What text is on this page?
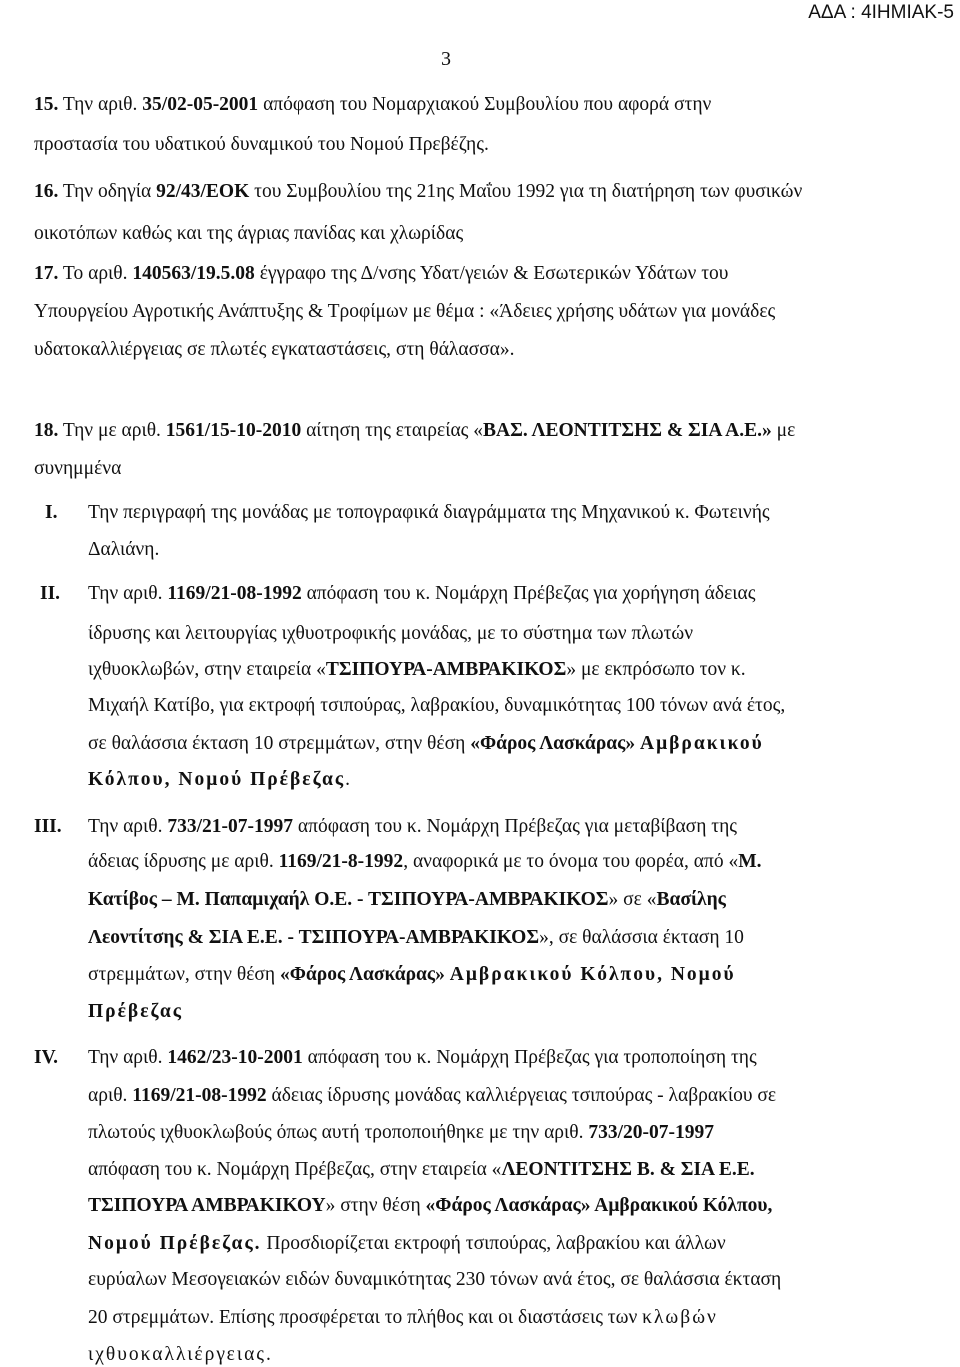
ΑΔΑ : 4ΙΗΜΙΑΚ-5
3
15. Την αριθ. 35/02-05-2001 απόφαση του Νομαρχιακού Συμβουλίου που αφορά στην
προστασία του υδατικού δυναμικού του Νομού Πρεβέζης.
16. Την οδηγία 92/43/ΕΟΚ του Συμβουλίου της 21ης Μαΐου 1992 για τη διατήρηση των φυσικών
οικοτόπων καθώς και της άγριας πανίδας και χλωρίδας
17. Το αριθ. 140563/19.5.08 έγγραφο της Δ/νσης Υδατ/γειών & Εσωτερικών Υδάτων του
Υπουργείου Αγροτικής Ανάπτυξης & Τροφίμων με θέμα : «Άδειες χρήσης υδάτων για μονάδες
υδατοκαλλιέργειας σε πλωτές εγκαταστάσεις, στη θάλασσα».
18. Την με αριθ. 1561/15-10-2010 αίτηση της εταιρείας «ΒΑΣ. ΛΕΟΝΤΙΤΣΗΣ & ΣΙΑ Α.Ε.» με
συνημμένα
I. Την περιγραφή της μονάδας με τοπογραφικά διαγράμματα της Μηχανικού κ. Φωτεινής
Δαλιάνη.
II. Την αριθ. 1169/21-08-1992 απόφαση του κ. Νομάρχη Πρέβεζας για χορήγηση άδειας
ίδρυσης και λειτουργίας ιχθυοτροφικής μονάδας, με το σύστημα των πλωτών
ιχθυοκλωβών, στην εταιρεία «ΤΣΙΠΟΥΡΑ-ΑΜΒΡΑΚΙΚΟΣ» με εκπρόσωπο τον κ.
Μιχαήλ Κατίβο, για εκτροφή τσιπούρας, λαβρακίου, δυναμικότητας 100 τόνων ανά έτος,
σε θαλάσσια έκταση 10 στρεμμάτων, στην θέση «Φάρος Λασκάρας» Αμβρακικού
Κόλπου, Νομού Πρέβεζας.
III. Την αριθ. 733/21-07-1997 απόφαση του κ. Νομάρχη Πρέβεζας για μεταβίβαση της
άδειας ίδρυσης με αριθ. 1169/21-8-1992, αναφορικά με το όνομα του φορέα, από «Μ.
Κατίβος – Μ. Παπαμιχαήλ Ο.Ε. - ΤΣΙΠΟΥΡΑ-ΑΜΒΡΑΚΙΚΟΣ» σε «Βασίλης
Λεοντίτσης & ΣΙΑ Ε.Ε. - ΤΣΙΠΟΥΡΑ-ΑΜΒΡΑΚΙΚΟΣ», σε θαλάσσια έκταση 10
στρεμμάτων, στην θέση «Φάρος Λασκάρας» Αμβρακικού Κόλπου, Νομού
Πρέβεζας
IV. Την αριθ. 1462/23-10-2001 απόφαση του κ. Νομάρχη Πρέβεζας για τροποποίηση της
αριθ. 1169/21-08-1992 άδειας ίδρυσης μονάδας καλλιέργειας τσιπούρας - λαβρακίου σε
πλωτούς ιχθυοκλωβούς όπως αυτή τροποποιήθηκε με την αριθ. 733/20-07-1997
απόφαση του κ. Νομάρχη Πρέβεζας, στην εταιρεία «ΛΕΟΝΤΙΤΣΗΣ Β. & ΣΙΑ Ε.Ε.
ΤΣΙΠΟΥΡΑ ΑΜΒΡΑΚΙΚΟΥ» στην θέση «Φάρος Λασκάρας» Αμβρακικού Κόλπου,
Νομού Πρέβεζας. Προσδιορίζεται εκτροφή τσιπούρας, λαβρακίου και άλλων
ευρύαλων Μεσογειακών ειδών δυναμικότητας 230 τόνων ανά έτος, σε θαλάσσια έκταση
20 στρεμμάτων. Επίσης προσφέρεται το πλήθος και οι διαστάσεις των κλωβών
ιχθυοκαλλιέργειας.
